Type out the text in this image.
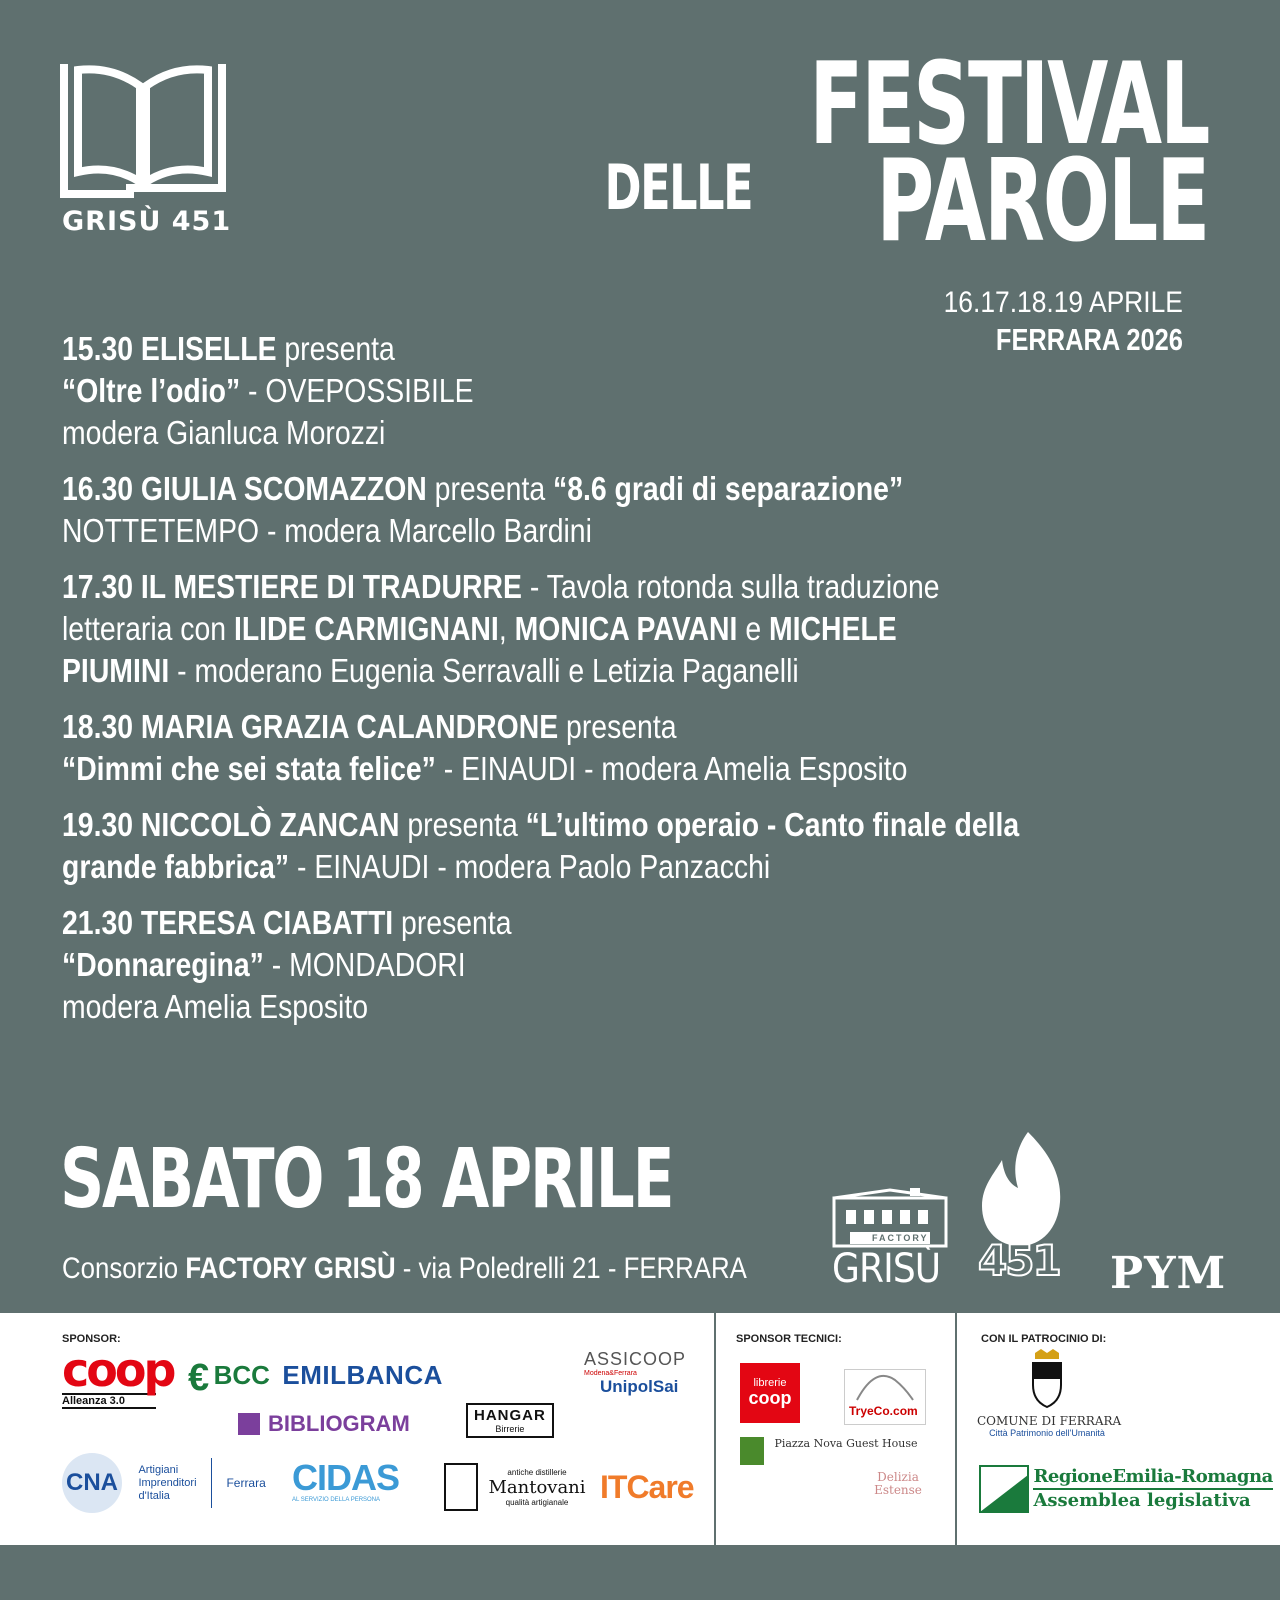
GRISÙ 451
FESTIVAL
DELLE PAROLE
16.17.18.19 APRILE
FERRARA 2026
15.30 ELISELLE presenta
“Oltre l’odio” - OVEPOSSIBILE
modera Gianluca Morozzi
16.30 GIULIA SCOMAZZON presenta “8.6 gradi di separazione”
NOTTETEMPO - modera Marcello Bardini
17.30 IL MESTIERE DI TRADURRE - Tavola rotonda sulla traduzione
letteraria con ILIDE CARMIGNANI, MONICA PAVANI e MICHELE
PIUMINI - moderano Eugenia Serravalli e Letizia Paganelli
18.30 MARIA GRAZIA CALANDRONE presenta
“Dimmi che sei stata felice” - EINAUDI - modera Amelia Esposito
19.30 NICCOLÒ ZANCAN presenta “L’ultimo operaio - Canto finale della
grande fabbrica” - EINAUDI - modera Paolo Panzacchi
21.30 TERESA CIABATTI presenta
“Donnaregina” - MONDADORI
modera Amelia Esposito
SABATO 18 APRILE
Consorzio FACTORY GRISÙ - via Poledrelli 21 - FERRARA
FACTORY
GRISÙ 451 PYM
SPONSOR:
coop
Alleanza 3.0
€ BCC EMILBANCA
ASSICOOP
Modena&Ferrara
UnipolSai
BIBLIOGRAM	HANGAR
Birrerie
CNA Artigiani
Imprenditori
d'Italia
Ferrara CIDAS
AL SERVIZIO DELLA PERSONA

antiche distillerie
Mantovani
qualità artigianale ITCare
SPONSOR TECNICI:
librerie
coop
TryeCo.com
$^{Piazza Nova Guest House}$
Delizia Estense
CON IL PATROCINIO DI:
COMUNE DI FERRARA
Città Patrimonio dell'Umanità

RegioneEmilia-Romagna
Assemblea legislativa
